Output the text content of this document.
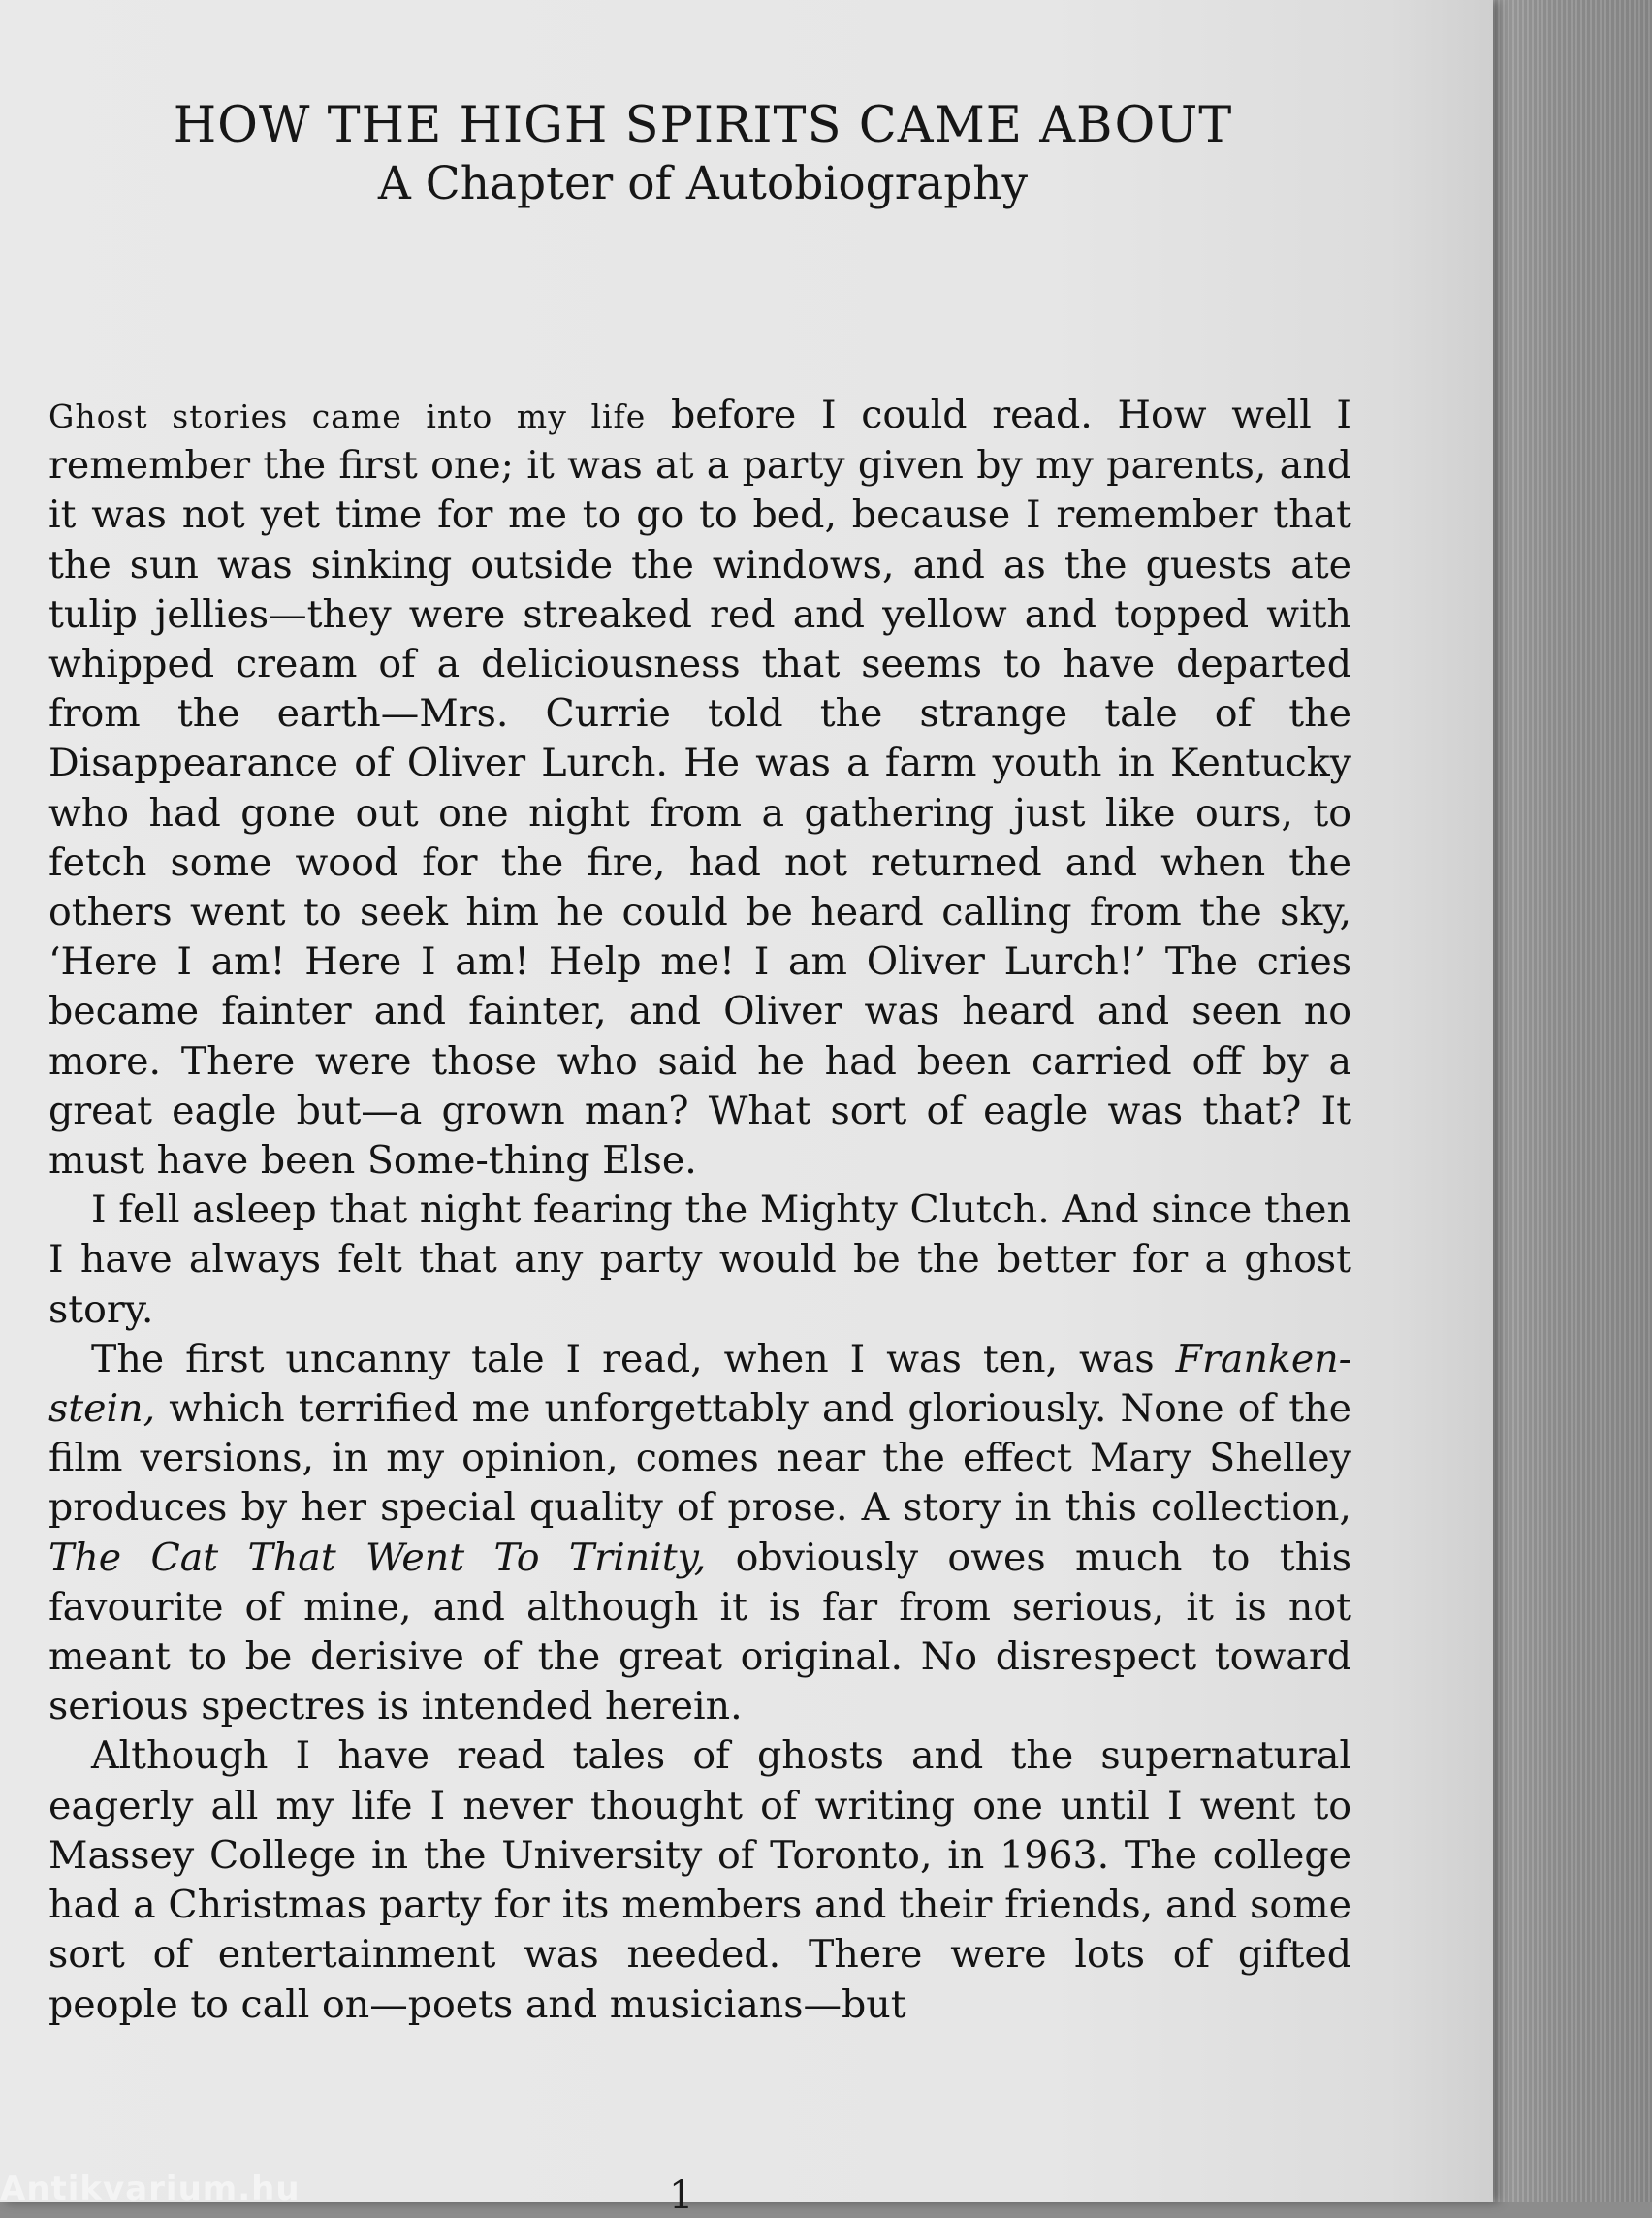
HOW THE HIGH SPIRITS CAME ABOUT
A Chapter of Autobiography

Ghost stories came into my life before I could read. How well I remember the first one; it was at a party given by my parents, and it was not yet time for me to go to bed, because I remember that the sun was sinking outside the windows, and as the guests ate tulip jellies—they were streaked red and yellow and topped with whipped cream of a deliciousness that seems to have departed from the earth—Mrs. Currie told the strange tale of the Disappearance of Oliver Lurch. He was a farm youth in Kentucky who had gone out one night from a gathering just like ours, to fetch some wood for the fire, had not returned and when the others went to seek him he could be heard calling from the sky, ‘Here I am! Here I am! Help me! I am Oliver Lurch!’ The cries became fainter and fainter, and Oliver was heard and seen no more. There were those who said he had been carried off by a great eagle but—a grown man? What sort of eagle was that? It must have been Some-thing Else.

I fell asleep that night fearing the Mighty Clutch. And since then I have always felt that any party would be the better for a ghost story.

The first uncanny tale I read, when I was ten, was Franken-stein, which terrified me unforgettably and gloriously. None of the film versions, in my opinion, comes near the effect Mary Shelley produces by her special quality of prose. A story in this collection, The Cat That Went To Trinity, obviously owes much to this favourite of mine, and although it is far from serious, it is not meant to be derisive of the great original. No disrespect toward serious spectres is intended herein.

Although I have read tales of ghosts and the supernatural eagerly all my life I never thought of writing one until I went to Massey College in the University of Toronto, in 1963. The college had a Christmas party for its members and their friends, and some sort of entertainment was needed. There were lots of gifted people to call on—poets and musicians—but

1
Antikvarium.hu
